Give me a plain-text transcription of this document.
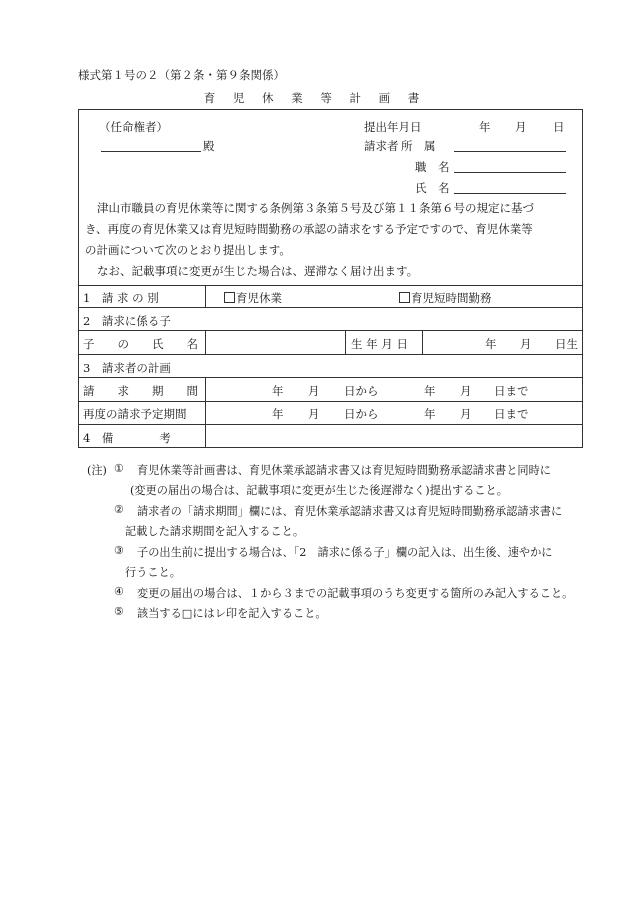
様式第１号の２（第２条・第９条関係）
育 児 休 業 等 計 画 書
（任命権者）
殿
提出年月日	年 月 日
請求者 所　属
職　名
氏　名
津山市職員の育児休業等に関する条例第３条第５号及び第１１条第６号の規定に基づ
き、再度の育児休業又は育児短時間勤務の承認の請求をする予定ですので、育児休業等
の計画について次のとおり提出します。
なお、記載事項に変更が生じた場合は、遅滞なく届け出ます。
1　請 求 の 別	育児休業	育児短時間勤務
2　請求に係る子
子　　の　　氏　　名	生 年 月 日	年 月 日生
3　請求者の計画
請　　求　　期　　間	年 月 日から	年 月 日まで
再度の請求予定期間	年 月 日から	年 月 日まで
4　備　　　　考
(注) ① 育児休業等計画書は、育児休業承認請求書又は育児短時間勤務承認請求書と同時に
(変更の届出の場合は、記載事項に変更が生じた後遅滞なく)提出すること。
② 請求者の「請求期間」欄には、育児休業承認請求書又は育児短時間勤務承認請求書に
記載した請求期間を記入すること。
③ 子の出生前に提出する場合は、「2　請求に係る子」欄の記入は、出生後、速やかに
行うこと。
④ 変更の届出の場合は、１から３までの記載事項のうち変更する箇所のみ記入すること。
⑤ 該当する□にはレ印を記入すること。
